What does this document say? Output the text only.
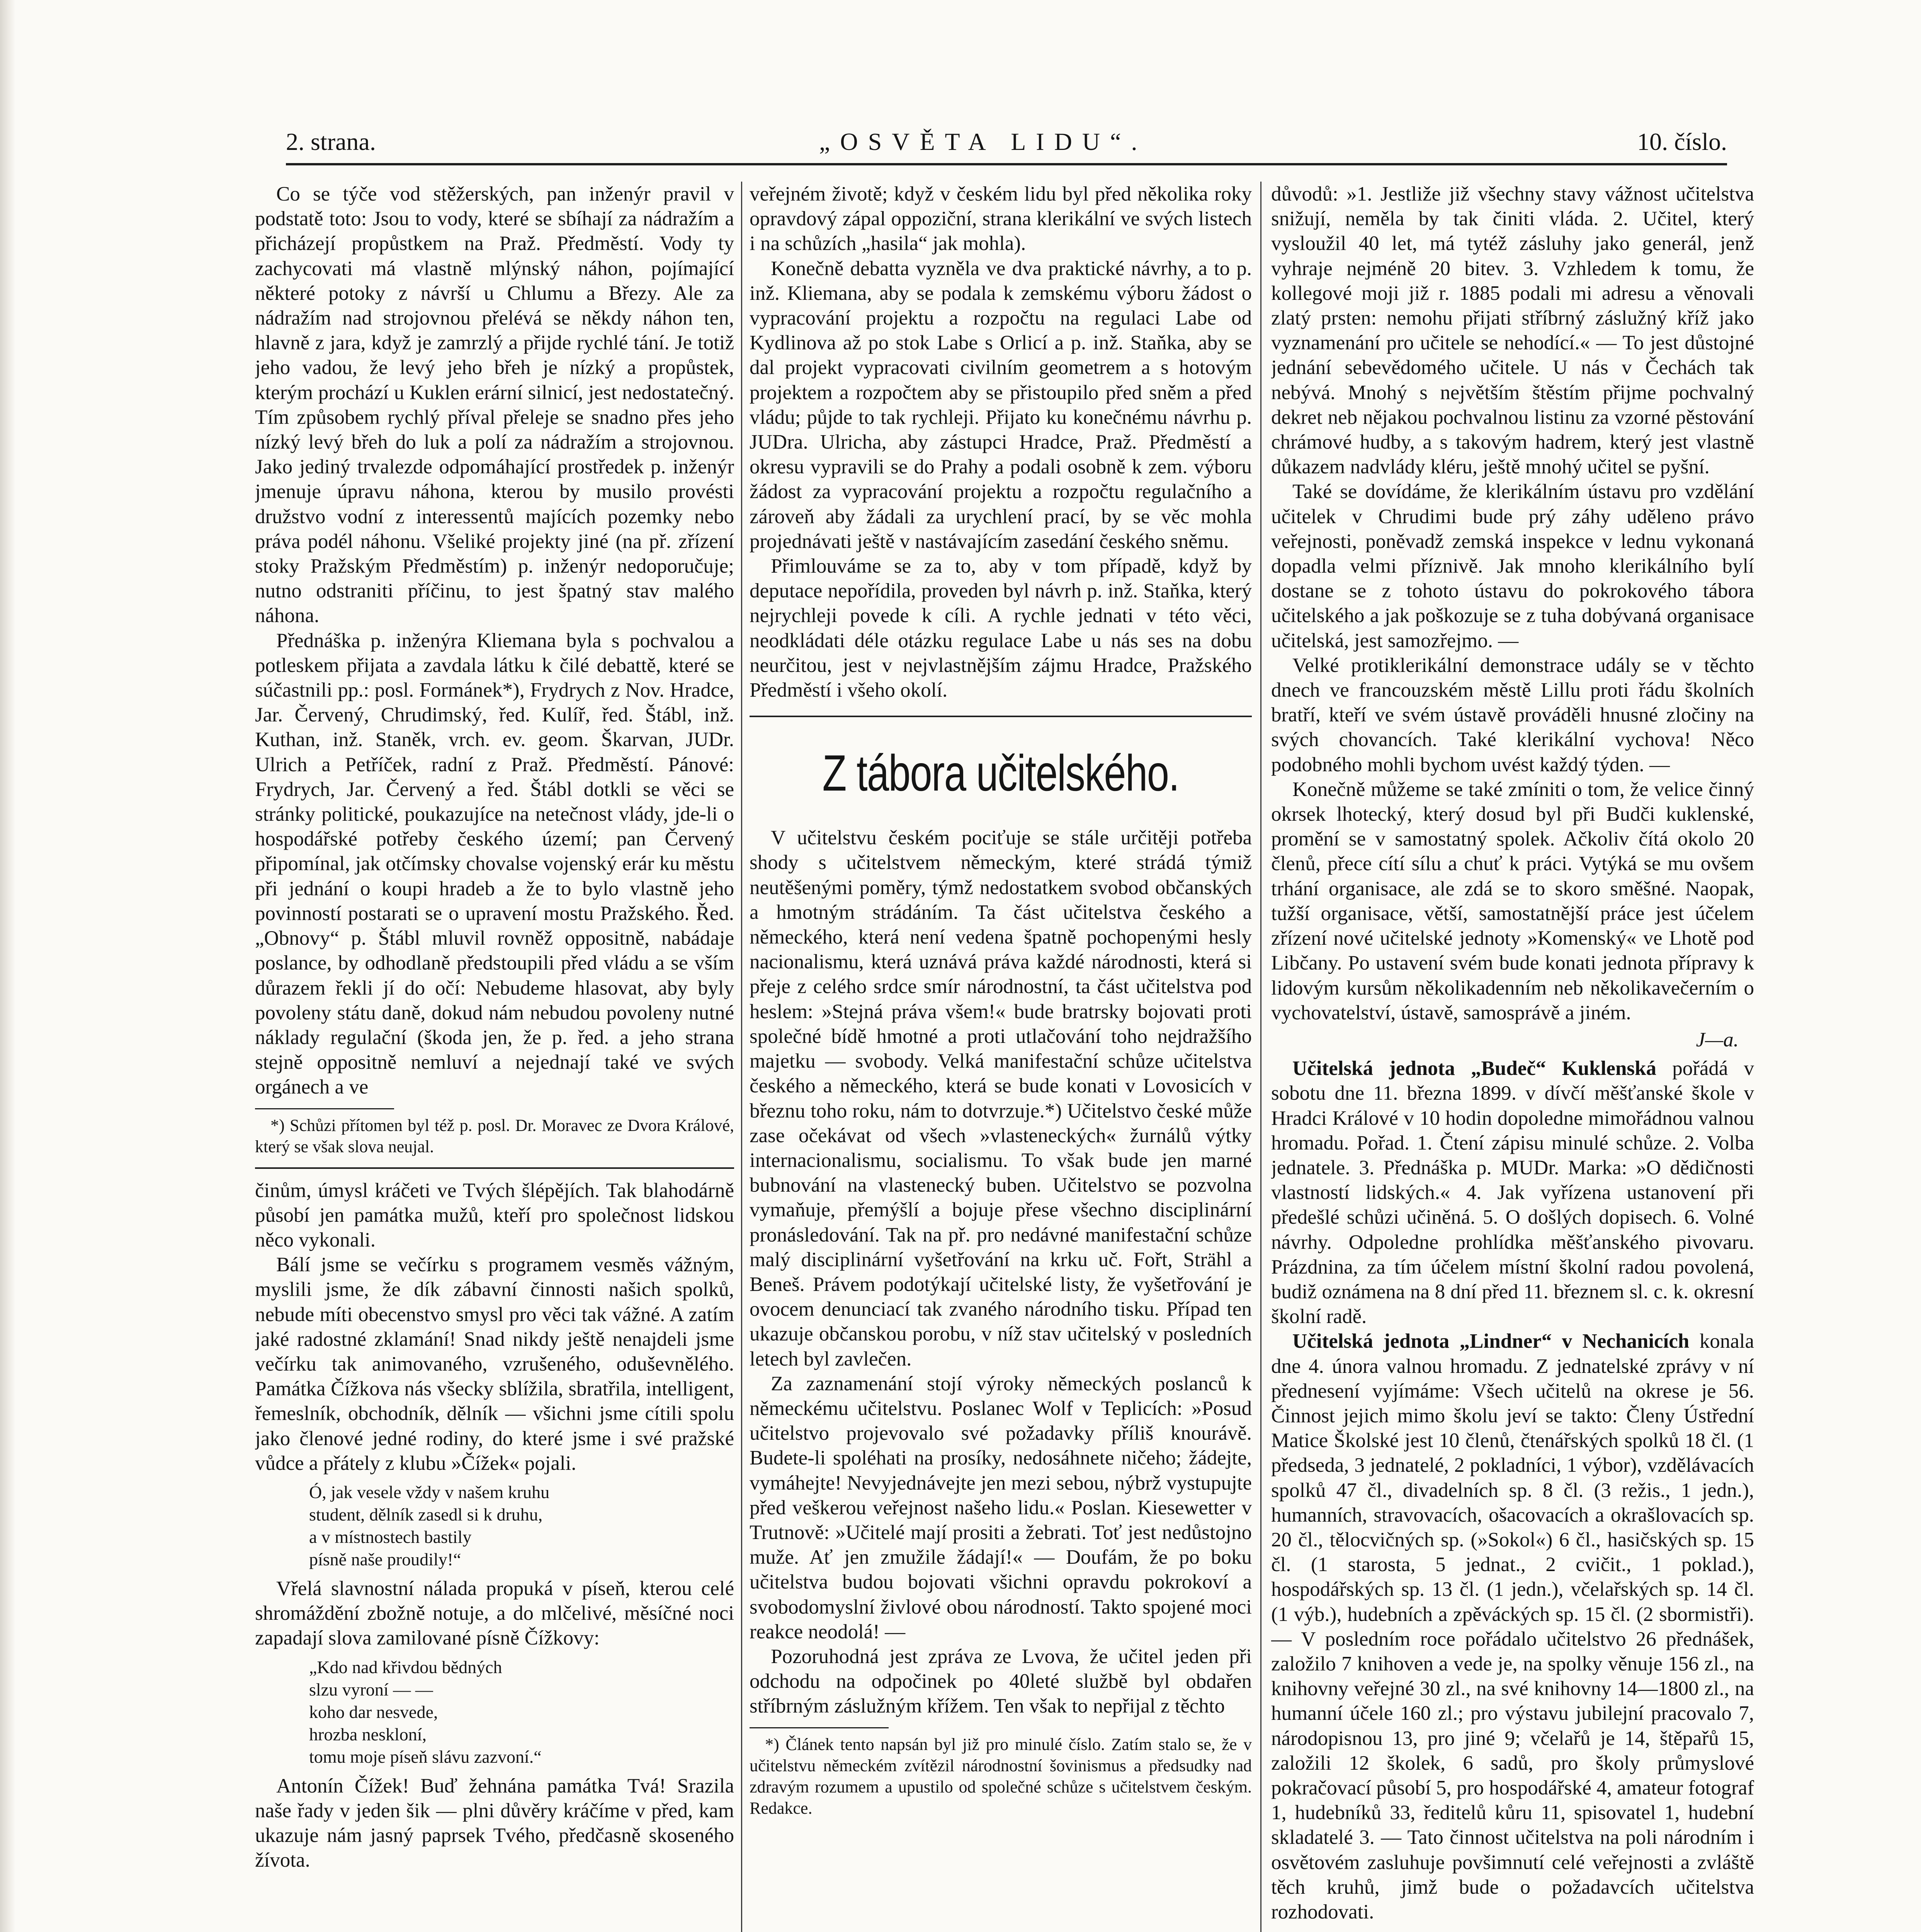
2. strana.	„OSVĚTA LIDU“.	10. číslo.

Co se týče vod stěžerských, pan inženýr pravil v podstatě toto: Jsou to vody, které se sbíhají za nádražím a přicházejí propůstkem na Praž. Předměstí. Vody ty zachycovati má vlastně mlýnský náhon, pojímající některé potoky z návrší u Chlumu a Březy. Ale za nádražím nad strojovnou přelévá se někdy náhon ten, hlavně z jara, když je zamrzlý a přijde rychlé tání. Je totiž jeho vadou, že levý jeho břeh je nízký a propůstek, kterým prochází u Kuklen erární silnicí, jest nedostatečný. Tím způsobem rychlý příval přeleje se snadno přes jeho nízký levý břeh do luk a polí za nádražím a strojovnou. Jako jediný trvalezde odpomáhající prostředek p. inženýr jmenuje úpravu náhona, kterou by musilo provésti družstvo vodní z interessentů majících pozemky nebo práva podél náhonu. Všeliké projekty jiné (na př. zřízení stoky Pražským Předměstím) p. inženýr nedoporučuje; nutno odstraniti příčinu, to jest špatný stav malého náhona.

Přednáška p. inženýra Kliemana byla s pochvalou a potleskem přijata a zavdala látku k čilé debattě, které se súčastnili pp.: posl. Formánek*), Frydrych z Nov. Hradce, Jar. Červený, Chrudimský, řed. Kulíř, řed. Štábl, inž. Kuthan, inž. Staněk, vrch. ev. geom. Škarvan, JUDr. Ulrich a Petříček, radní z Praž. Předměstí. Pánové: Frydrych, Jar. Červený a řed. Štábl dotkli se věci se stránky politické, poukazujíce na netečnost vlády, jde-li o hospodářské potřeby českého území; pan Červený připomínal, jak otčímsky chovalse vojenský erár ku městu při jednání o koupi hradeb a že to bylo vlastně jeho povinností postarati se o upravení mostu Pražského. Řed. „Obnovy“ p. Štábl mluvil rovněž oppositně, nabádaje poslance, by odhodlaně předstoupili před vládu a se vším důrazem řekli jí do očí: Nebudeme hlasovat, aby byly povoleny státu daně, dokud nám nebudou povoleny nutné náklady regulační (škoda jen, že p. řed. a jeho strana stejně oppositně nemluví a nejednají také ve svých orgánech a ve

*) Schůzi přítomen byl též p. posl. Dr. Moravec ze Dvora Králové, který se však slova neujal.

činům, úmysl kráčeti ve Tvých šlépějích. Tak blahodárně působí jen památka mužů, kteří pro společnost lidskou něco vykonali.

Bálí jsme se večírku s programem vesměs vážným, myslili jsme, že dík zábavní činnosti našich spolků, nebude míti obecenstvo smysl pro věci tak vážné. A zatím jaké radostné zklamání! Snad nikdy ještě nenajdeli jsme večírku tak animovaného, vzrušeného, oduševnělého. Památka Čížkova nás všecky sblížila, sbratřila, intelligent, řemeslník, obchodník, dělník — všichni jsme cítili spolu jako členové jedné rodiny, do které jsme i své pražské vůdce a přátely z klubu »Čížek« pojali.

Ó, jak vesele vždy v našem kruhu
student, dělník zasedl si k druhu,
a v místnostech bastily
písně naše proudily!“

Vřelá slavnostní nálada propuká v píseň, kterou celé shromáždění zbožně notuje, a do mlčelivé, měsíčné noci zapadají slova zamilované písně Čížkovy:

„Kdo nad křivdou bědných
slzu vyroní — —
koho dar nesvede,
hrozba neskloní,
tomu moje píseň slávu zazvoní.“

Antonín Čížek! Buď žehnána památka Tvá! Srazila naše řady v jeden šik — plni důvěry kráčíme v před, kam ukazuje nám jasný paprsek Tvého, předčasně skoseného žívota.

veřejném životě; když v českém lidu byl před několika roky opravdový zápal oppoziční, strana klerikální ve svých listech i na schůzích „hasila“ jak mohla).

Konečně debatta vyzněla ve dva praktické návrhy, a to p. inž. Kliemana, aby se podala k zemskému výboru žádost o vypracování projektu a rozpočtu na regulaci Labe od Kydlinova až po stok Labe s Orlicí a p. inž. Staňka, aby se dal projekt vypracovati civilním geometrem a s hotovým projektem a rozpočtem aby se přistoupilo před sněm a před vládu; půjde to tak rychleji. Přijato ku konečnému návrhu p. JUDra. Ulricha, aby zástupci Hradce, Praž. Předměstí a okresu vypravili se do Prahy a podali osobně k zem. výboru žádost za vypracování projektu a rozpočtu regulačního a zároveň aby žádali za urychlení prací, by se věc mohla projednávati ještě v nastávajícím zasedání českého sněmu.

Přimlouváme se za to, aby v tom případě, když by deputace nepořídila, proveden byl návrh p. inž. Staňka, který nejrychleji povede k cíli. A rychle jednati v této věci, neodkládati déle otázku regulace Labe u nás ses na dobu neurčitou, jest v nejvlastnějším zájmu Hradce, Pražského Předměstí i všeho okolí.

Z tábora učitelského.

V učitelstvu českém pociťuje se stále určitěji potřeba shody s učitelstvem německým, které strádá týmiž neutěšenými poměry, týmž nedostatkem svobod občanských a hmotným strádáním. Ta část učitelstva českého a německého, která není vedena špatně pochopenými hesly nacionalismu, která uznává práva každé národnosti, která si přeje z celého srdce smír národnostní, ta část učitelstva pod heslem: »Stejná práva všem!« bude bratrsky bojovati proti společné bídě hmotné a proti utlačování toho nejdražšího majetku — svobody. Velká manifestační schůze učitelstva českého a německého, která se bude konati v Lovosicích v březnu toho roku, nám to dotvrzuje.*) Učitelstvo české může zase očekávat od všech »vlasteneckých« žurnálů výtky internacionalismu, socialismu. To však bude jen marné bubnování na vlastenecký buben. Učitelstvo se pozvolna vymaňuje, přemýšlí a bojuje přese všechno disciplinární pronásledování. Tak na př. pro nedávné manifestační schůze malý disciplinární vyšetřování na krku uč. Fořt, Strähl a Beneš. Právem podotýkají učitelské listy, že vyšetřování je ovocem denunciací tak zvaného národního tisku. Případ ten ukazuje občanskou porobu, v níž stav učitelský v posledních letech byl zavlečen.

Za zaznamenání stojí výroky německých poslanců k německému učitelstvu. Poslanec Wolf v Teplicích: »Posud učitelstvo projevovalo své požadavky příliš knourávě. Budete-li spoléhati na prosíky, nedosáhnete ničeho; žádejte, vymáhejte! Nevyjednávejte jen mezi sebou, nýbrž vystupujte před veškerou veřejnost našeho lidu.« Poslan. Kiesewetter v Trutnově: »Učitelé mají prositi a žebrati. Toť jest nedůstojno muže. Ať jen zmužile žádají!« — Doufám, že po boku učitelstva budou bojovati všichni opravdu pokrokoví a svobodomyslní živlové obou národností. Takto spojené moci reakce neodolá! —

Pozoruhodná jest zpráva ze Lvova, že učitel jeden při odchodu na odpočinek po 40leté službě byl obdařen stříbrným záslužným křížem. Ten však to nepřijal z těchto

*) Článek tento napsán byl již pro minulé číslo. Zatím stalo se, že v učitelstvu německém zvítězil národnostní šovinismus a předsudky nad zdravým rozumem a upustilo od společné schůze s učitelstvem českým. Redakce.

důvodů: »1. Jestliže již všechny stavy vážnost učitelstva snižují, neměla by tak činiti vláda. 2. Učitel, který vysloužil 40 let, má tytéž zásluhy jako generál, jenž vyhraje nejméně 20 bitev. 3. Vzhledem k tomu, že kollegové moji již r. 1885 podali mi adresu a věnovali zlatý prsten: nemohu přijati stříbrný záslužný kříž jako vyznamenání pro učitele se nehodící.« — To jest důstojné jednání sebevědomého učitele. U nás v Čechách tak nebývá. Mnohý s největším štěstím přijme pochvalný dekret neb nějakou pochvalnou listinu za vzorné pěstování chrámové hudby, a s takovým hadrem, který jest vlastně důkazem nadvlády kléru, ještě mnohý učitel se pyšní.

Také se dovídáme, že klerikálním ústavu pro vzdělání učitelek v Chrudimi bude prý záhy uděleno právo veřejnosti, poněvadž zemská inspekce v lednu vykonaná dopadla velmi příznivě. Jak mnoho klerikálního bylí dostane se z tohoto ústavu do pokrokového tábora učitelského a jak poškozuje se z tuha dobývaná organisace učitelská, jest samozřejmo. —

Velké protiklerikální demonstrace udály se v těchto dnech ve francouzském městě Lillu proti řádu školních bratří, kteří ve svém ústavě prováděli hnusné zločiny na svých chovancích. Také klerikální vychova! Něco podobného mohli bychom uvést každý týden. —

Konečně můžeme se také zmíniti o tom, že velice činný okrsek lhotecký, který dosud byl při Budči kuklenské, promění se v samostatný spolek. Ačkoliv čítá okolo 20 členů, přece cítí sílu a chuť k práci. Vytýká se mu ovšem trhání organisace, ale zdá se to skoro směšné. Naopak, tužší organisace, větší, samostatnější práce jest účelem zřízení nové učitelské jednoty »Komenský« ve Lhotě pod Libčany. Po ustavení svém bude konati jednota přípravy k lidovým kursům několikadenním neb několikavečerním o vychovatelství, ústavě, samosprávě a jiném.

J—a.

Učitelská jednota „Budeč“ Kuklenská pořádá v sobotu dne 11. března 1899. v dívčí měšťanské škole v Hradci Králové v 10 hodin dopoledne mimořádnou valnou hromadu. Pořad. 1. Čtení zápisu minulé schůze. 2. Volba jednatele. 3. Přednáška p. MUDr. Marka: »O dědičnosti vlastností lidských.« 4. Jak vyřízena ustanovení při předešlé schůzi učiněná. 5. O došlých dopisech. 6. Volné návrhy. Odpoledne prohlídka měšťanského pivovaru. Prázdnina, za tím účelem místní školní radou povolená, budiž oznámena na 8 dní před 11. březnem sl. c. k. okresní školní radě.

Učitelská jednota „Lindner“ v Nechanicích konala dne 4. února valnou hromadu. Z jednatelské zprávy v ní přednesení vyjímáme: Všech učitelů na okrese je 56. Činnost jejich mimo školu jeví se takto: Členy Ústřední Matice Školské jest 10 členů, čtenářských spolků 18 čl. (1 předseda, 3 jednatelé, 2 pokladníci, 1 výbor), vzdělávacích spolků 47 čl., divadelních sp. 8 čl. (3 režis., 1 jedn.), humanních, stravovacích, ošacovacích a okrašlovacích sp. 20 čl., tělocvičných sp. (»Sokol«) 6 čl., hasičských sp. 15 čl. (1 starosta, 5 jednat., 2 cvičit., 1 poklad.), hospodářských sp. 13 čl. (1 jedn.), včelařských sp. 14 čl. (1 výb.), hudebních a zpěváckých sp. 15 čl. (2 sbormistři). — V posledním roce pořádalo učitelstvo 26 přednášek, založilo 7 knihoven a vede je, na spolky věnuje 156 zl., na knihovny veřejné 30 zl., na své knihovny 14—1800 zl., na humanní účele 160 zl.; pro výstavu jubilejní pracovalo 7, národopisnou 13, pro jiné 9; včelařů je 14, štěpařů 15, založili 12 školek, 6 sadů, pro školy průmyslové pokračovací působí 5, pro hospodářské 4, amateur fotograf 1, hudebníků 33, ředitelů kůru 11, spisovatel 1, hudební skladatelé 3. — Tato činnost učitelstva na poli národním i osvětovém zasluhuje povšimnutí celé veřejnosti a zvláště těch kruhů, jimž bude o požadavcích učitelstva rozhodovati.
